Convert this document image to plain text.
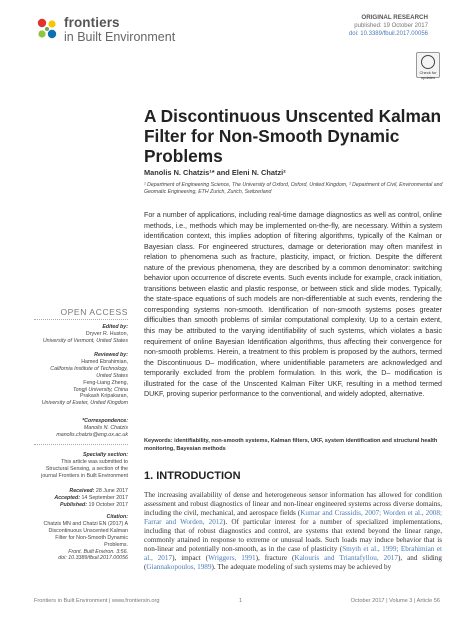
frontiers
in Built Environment
ORIGINAL RESEARCH
published: 19 October 2017
doi: 10.3389/fbuil.2017.00056
Check for
updates
A Discontinuous Unscented Kalman Filter for Non-Smooth Dynamic Problems
Manolis N. Chatzis¹* and Eleni N. Chatzi²
¹ Department of Engineering Science, The University of Oxford, Oxford, United Kingdom, ² Department of Civil, Environmental and Geomatic Engineering, ETH Zurich, Zurich, Switzerland
For a number of applications, including real-time damage diagnostics as well as control, online methods, i.e., methods which may be implemented on-the-fly, are necessary. Within a system identification context, this implies adoption of filtering algorithms, typically of the Kalman or Bayesian class. For engineered structures, damage or deterioration may often manifest in relation to phenomena such as fracture, plasticity, impact, or friction. Despite the different nature of the previous phenomena, they are described by a common denominator: switching behavior upon occurrence of discrete events. Such events include for example, crack initiation, transitions between elastic and plastic response, or between stick and slide modes. Typically, the state-space equations of such models are non-differentiable at such events, rendering the corresponding systems non-smooth. Identification of non-smooth systems poses greater difficulties than smooth problems of similar computational complexity. Up to a certain extent, this may be attributed to the varying identifiability of such systems, which violates a basic requirement of online Bayesian Identification algorithms, thus affecting their convergence for non-smooth problems. Herein, a treatment to this problem is proposed by the authors, termed the Discontinuous D– modification, where unidentifiable parameters are acknowledged and temporarily excluded from the problem formulation. In this work, the D– modification is illustrated for the case of the Unscented Kalman Filter UKF, resulting in a method termed DUKF, proving superior performance to the conventional, and widely adopted, alternative.
Keywords: identifiability, non-smooth systems, Kalman filters, UKF, system identification and structural health monitoring, Bayesian methods
1. INTRODUCTION
The increasing availability of dense and heterogeneous sensor information has allowed for condition assessment and robust diagnostics of linear and non-linear engineered systems across diverse domains, including the civil, mechanical, and aerospace fields (Kumar and Crassidis, 2007; Worden et al., 2008; Farrar and Worden, 2012). Of particular interest for a number of specialized implementations, including that of robust diagnostics and control, are systems that extend beyond the linear range, commonly attained in response to extreme or unusual loads. Such loads may induce behavior that is non-linear and potentially non-smooth, as in the case of plasticity (Smyth et al., 1999; Ebrahimian et al., 2017), impact (Wriggers, 1991), fracture (Kalouris and Triantafyllou, 2017), and sliding (Giannakopoulos, 1989). The adequate modeling of such systems may be achieved by
OPEN ACCESS
Edited by:
Dryver R. Huston,
University of Vermont, United States
Reviewed by:
Hamed Ebrahimian,
California Institute of Technology,
United States
Feng-Liang Zheng,
Tongji University, China
Prakash Kripakaran,
University of Exeter, United Kingdom
*Correspondence:
Manolis N. Chatzis
manolis.chatzis@eng.ox.ac.uk
Specialty section:
This article was submitted to
Structural Sensing, a section of the
journal Frontiers in Built Environment
Received: 28 June 2017
Accepted: 14 September 2017
Published: 19 October 2017
Citation:
Chatzis MN and Chatzi EN (2017) A
Discontinuous Unscented Kalman
Filter for Non-Smooth Dynamic
Problems.
Front. Built Environ. 3:56.
doi: 10.3389/fbuil.2017.00056
Frontiers in Built Environment | www.frontiersin.org	1	October 2017 | Volume 3 | Article 56
